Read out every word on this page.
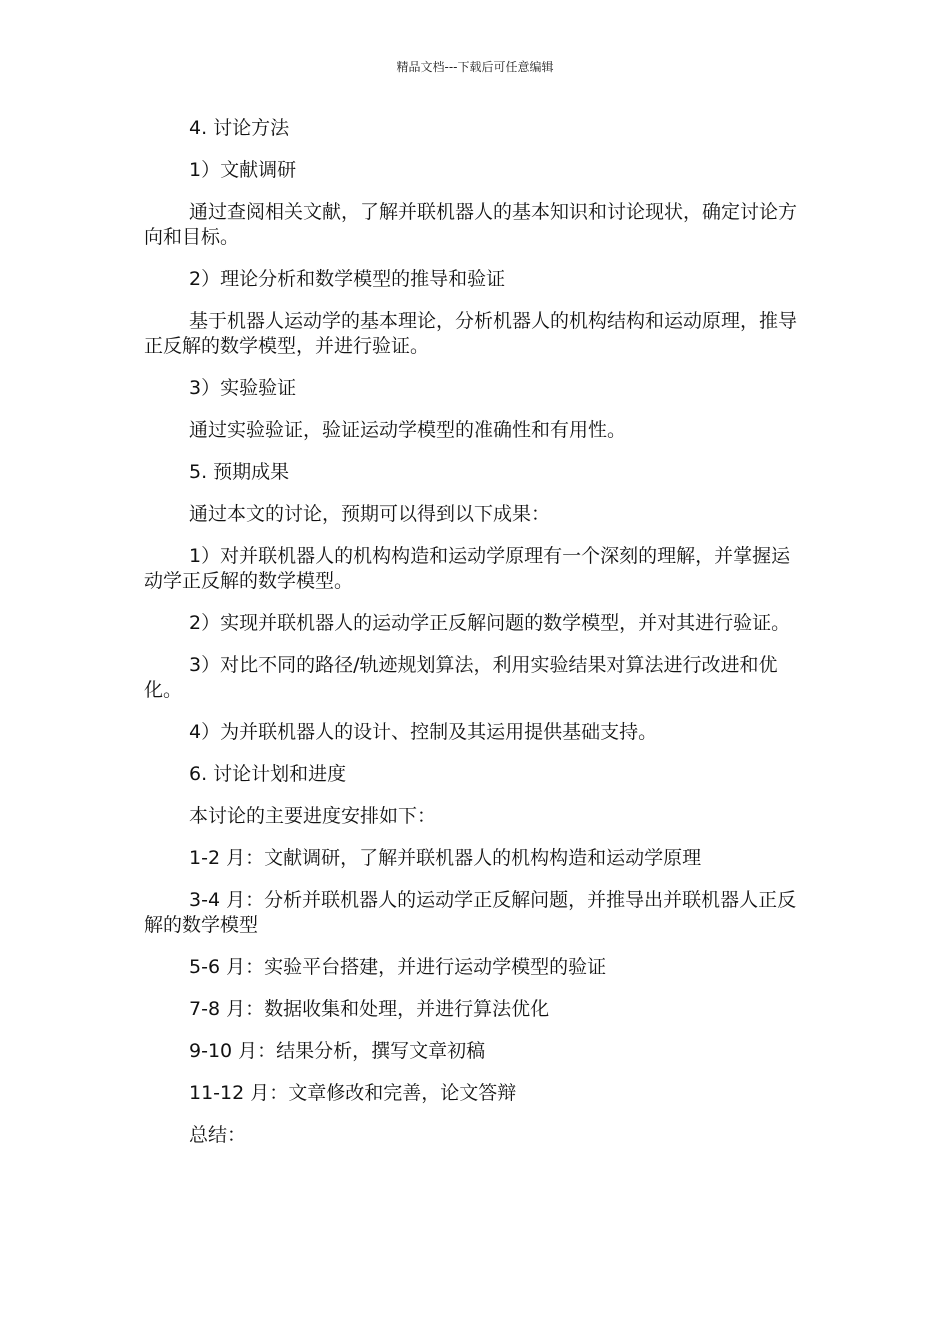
精品文档---下载后可任意编辑

4. 讨论方法

1）文献调研

通过查阅相关文献，了解并联机器人的基本知识和讨论现状，确定讨论方向和目标。

2）理论分析和数学模型的推导和验证

基于机器人运动学的基本理论，分析机器人的机构结构和运动原理，推导正反解的数学模型，并进行验证。

3）实验验证

通过实验验证，验证运动学模型的准确性和有用性。

5. 预期成果

通过本文的讨论，预期可以得到以下成果：

1）对并联机器人的机构构造和运动学原理有一个深刻的理解，并掌握运动学正反解的数学模型。

2）实现并联机器人的运动学正反解问题的数学模型，并对其进行验证。

3）对比不同的路径/轨迹规划算法，利用实验结果对算法进行改进和优化。

4）为并联机器人的设计、控制及其运用提供基础支持。

6. 讨论计划和进度

本讨论的主要进度安排如下：

1-2 月：文献调研，了解并联机器人的机构构造和运动学原理

3-4 月：分析并联机器人的运动学正反解问题，并推导出并联机器人正反解的数学模型

5-6 月：实验平台搭建，并进行运动学模型的验证

7-8 月：数据收集和处理，并进行算法优化

9-10 月：结果分析，撰写文章初稿

11-12 月：文章修改和完善，论文答辩

总结：
